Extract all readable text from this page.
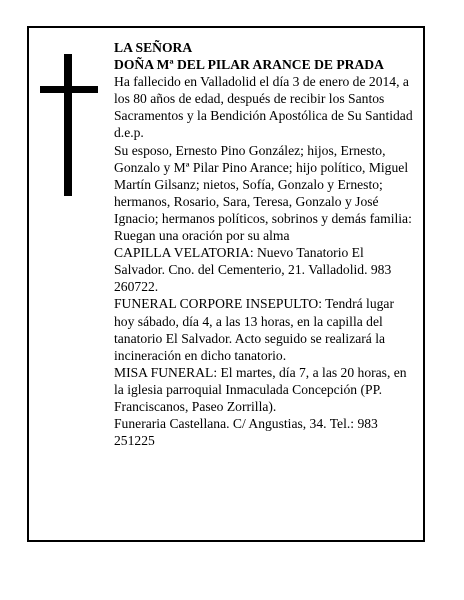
LA SEÑORA

DOÑA Mª DEL PILAR ARANCE DE PRADA

Ha fallecido en Valladolid el día 3 de enero de 2014, a los 80 años de edad, después de recibir los Santos Sacramentos y la Bendición Apostólica de Su Santidad d.e.p.

Su esposo, Ernesto Pino González; hijos, Ernesto, Gonzalo y Mª Pilar Pino Arance; hijo político, Miguel Martín Gilsanz; nietos, Sofía, Gonzalo y Ernesto; hermanos, Rosario, Sara, Teresa, Gonzalo y José Ignacio; hermanos políticos, sobrinos y demás familia:

Ruegan una oración por su alma

CAPILLA VELATORIA: Nuevo Tanatorio El Salvador. Cno. del Cementerio, 21. Valladolid. 983 260722.

FUNERAL CORPORE INSEPULTO: Tendrá lugar hoy sábado, día 4, a las 13 horas, en la capilla del tanatorio El Salvador. Acto seguido se realizará la incineración en dicho tanatorio.

MISA FUNERAL: El martes, día 7, a las 20 horas, en la iglesia parroquial Inmaculada Concepción (PP. Franciscanos, Paseo Zorrilla).

Funeraria Castellana. C/ Angustias, 34. Tel.: 983 251225
